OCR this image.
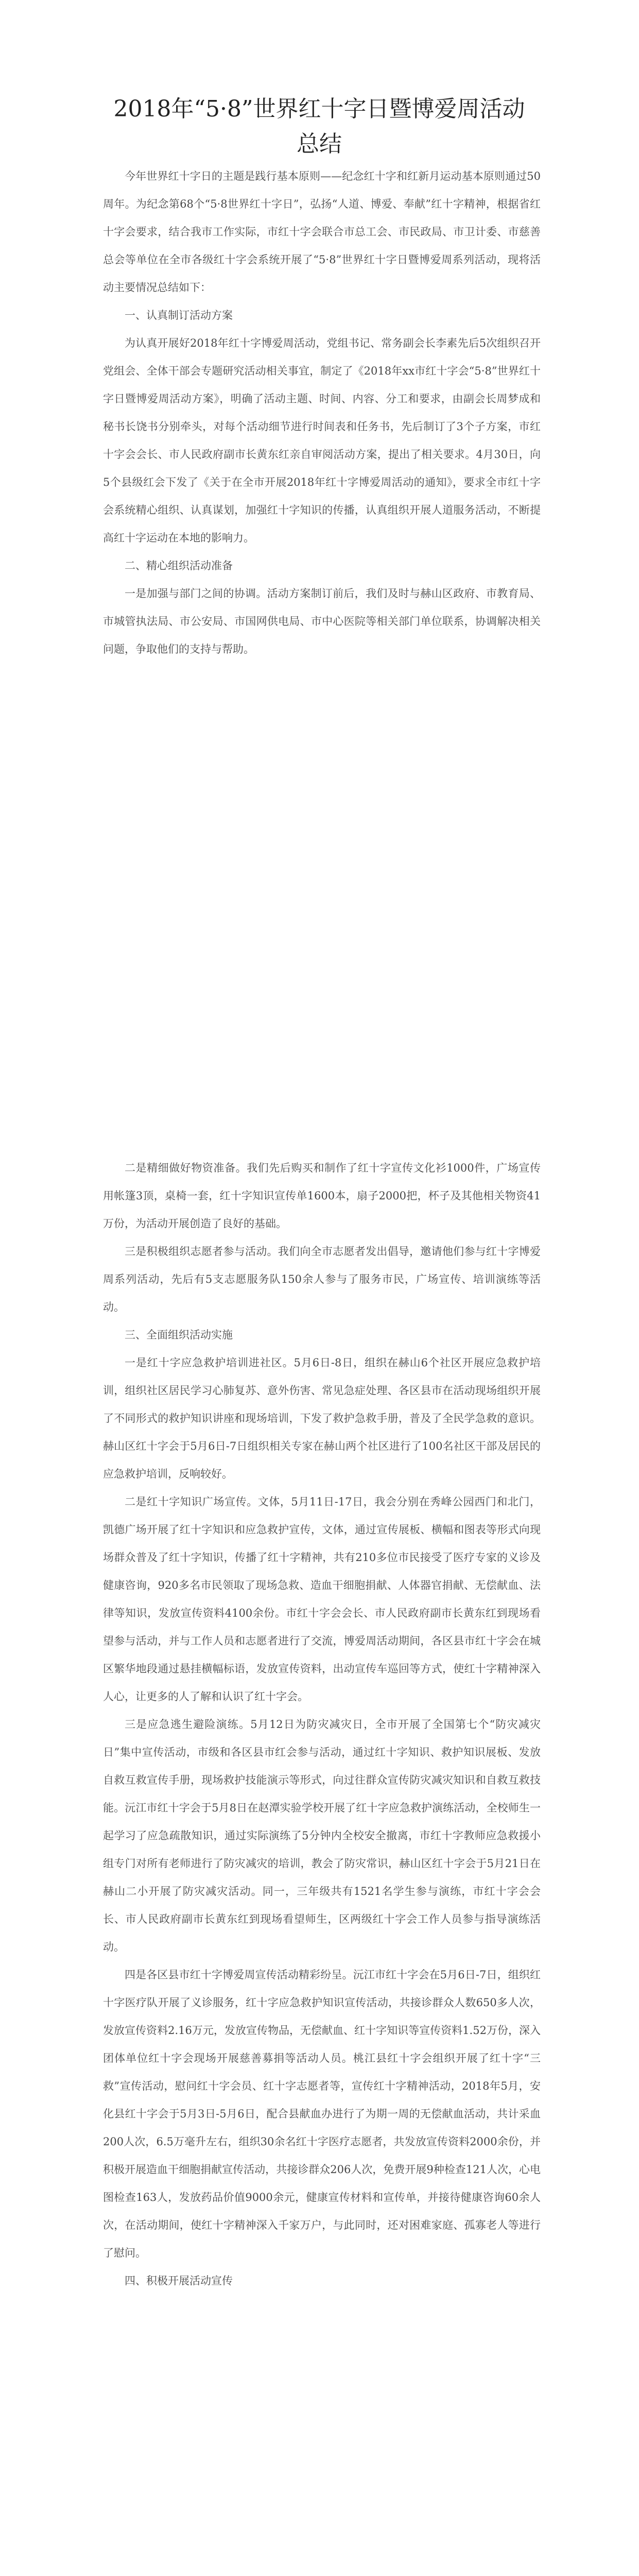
2018年“5·8”世界红十字日暨博爱周活动
总结

今年世界红十字日的主题是践行基本原则——纪念红十字和红新月运动基本原则通过50周年。为纪念第68个“5·8世界红十字日”，弘扬“人道、博爱、奉献”红十字精神，根据省红十字会要求，结合我市工作实际，市红十字会联合市总工会、市民政局、市卫计委、市慈善总会等单位在全市各级红十字会系统开展了“5·8”世界红十字日暨博爱周系列活动，现将活动主要情况总结如下：

一、认真制订活动方案

为认真开展好2018年红十字博爱周活动，党组书记、常务副会长李素先后5次组织召开党组会、全体干部会专题研究活动相关事宜，制定了《2018年xx市红十字会“5·8”世界红十字日暨博爱周活动方案》，明确了活动主题、时间、内容、分工和要求，由副会长周梦成和秘书长饶书分别牵头，对每个活动细节进行时间表和任务书，先后制订了3个子方案，市红十字会会长、市人民政府副市长黄东红亲自审阅活动方案，提出了相关要求。4月30日，向5个县级红会下发了《关于在全市开展2018年红十字博爱周活动的通知》，要求全市红十字会系统精心组织、认真谋划，加强红十字知识的传播，认真组织开展人道服务活动，不断提高红十字运动在本地的影响力。

二、精心组织活动准备

一是加强与部门之间的协调。活动方案制订前后，我们及时与赫山区政府、市教育局、市城管执法局、市公安局、市国网供电局、市中心医院等相关部门单位联系，协调解决相关问题，争取他们的支持与帮助。

二是精细做好物资准备。我们先后购买和制作了红十字宣传文化衫1000件，广场宣传用帐篷3顶，桌椅一套，红十字知识宣传单1600本，扇子2000把，杯子及其他相关物资41万份，为活动开展创造了良好的基础。

三是积极组织志愿者参与活动。我们向全市志愿者发出倡导，邀请他们参与红十字博爱周系列活动，先后有5支志愿服务队150余人参与了服务市民，广场宣传、培训演练等活动。

三、全面组织活动实施

一是红十字应急救护培训进社区。5月6日-8日，组织在赫山6个社区开展应急救护培训，组织社区居民学习心肺复苏、意外伤害、常见急症处理、各区县市在活动现场组织开展了不同形式的救护知识讲座和现场培训，下发了救护急救手册，普及了全民学急救的意识。赫山区红十字会于5月6日-7日组织相关专家在赫山两个社区进行了100名社区干部及居民的应急救护培训，反响较好。

二是红十字知识广场宣传。文体，5月11日-17日，我会分别在秀峰公园西门和北门，凯德广场开展了红十字知识和应急救护宣传，文体，通过宣传展板、横幅和图表等形式向现场群众普及了红十字知识，传播了红十字精神，共有210多位市民接受了医疗专家的义诊及健康咨询，920多名市民领取了现场急救、造血干细胞捐献、人体器官捐献、无偿献血、法律等知识，发放宣传资料4100余份。市红十字会会长、市人民政府副市长黄东红到现场看望参与活动，并与工作人员和志愿者进行了交流，博爱周活动期间，各区县市红十字会在城区繁华地段通过悬挂横幅标语，发放宣传资料，出动宣传车巡回等方式，使红十字精神深入人心，让更多的人了解和认识了红十字会。

三是应急逃生避险演练。5月12日为防灾减灾日，全市开展了全国第七个“防灾减灾日”集中宣传活动，市级和各区县市红会参与活动，通过红十字知识、救护知识展板、发放自救互救宣传手册，现场救护技能演示等形式，向过往群众宣传防灾减灾知识和自救互救技能。沅江市红十字会于5月8日在赵潭实验学校开展了红十字应急救护演练活动，全校师生一起学习了应急疏散知识，通过实际演练了5分钟内全校安全撤离，市红十字教师应急救援小组专门对所有老师进行了防灾减灾的培训，教会了防灾常识，赫山区红十字会于5月21日在赫山二小开展了防灾减灾活动。同一，三年级共有1521名学生参与演练，市红十字会会长、市人民政府副市长黄东红到现场看望师生，区两级红十字会工作人员参与指导演练活动。

四是各区县市红十字博爱周宣传活动精彩纷呈。沅江市红十字会在5月6日-7日，组织红十字医疗队开展了义诊服务，红十字应急救护知识宣传活动，共接诊群众人数650多人次，发放宣传资料2.16万元，发放宣传物品，无偿献血、红十字知识等宣传资料1.52万份，深入团体单位红十字会现场开展慈善募捐等活动人员。桃江县红十字会组织开展了红十字“三救”宣传活动，慰问红十字会员、红十字志愿者等，宣传红十字精神活动，2018年5月，安化县红十字会于5月3日-5月6日，配合县献血办进行了为期一周的无偿献血活动，共计采血200人次，6.5万毫升左右，组织30余名红十字医疗志愿者，共发放宣传资料2000余份，并积极开展造血干细胞捐献宣传活动，共接诊群众206人次，免费开展9种检查121人次，心电图检查163人，发放药品价值9000余元，健康宣传材料和宣传单，并接待健康咨询60余人次，在活动期间，使红十字精神深入千家万户，与此同时，还对困难家庭、孤寡老人等进行了慰问。

四、积极开展活动宣传
